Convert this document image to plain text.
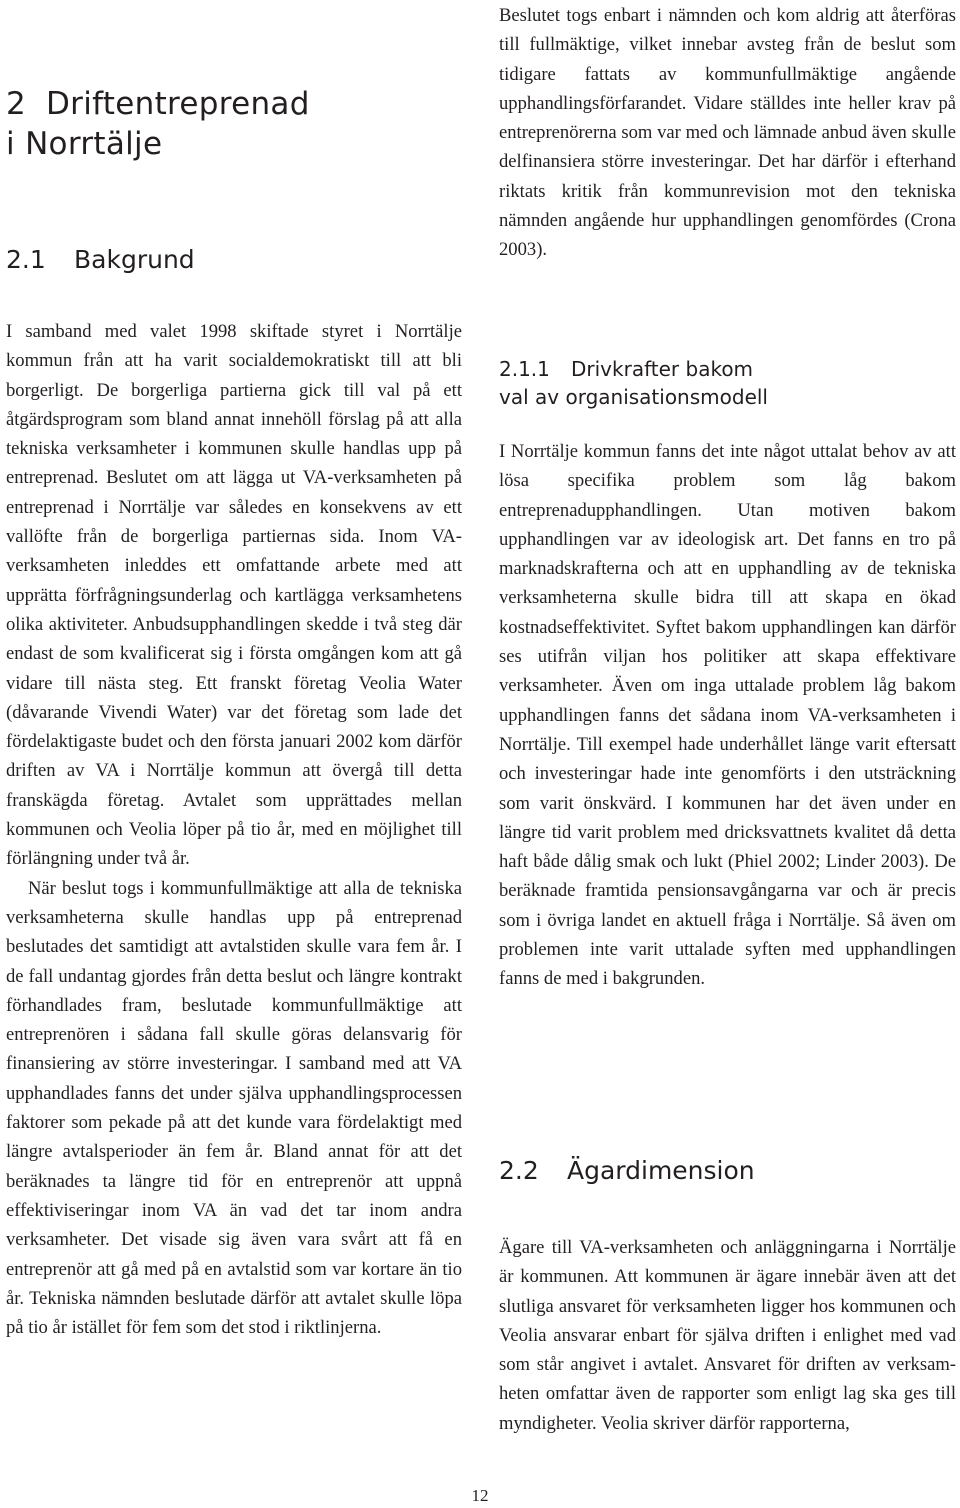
2 Driftentreprenad
i Norrtälje
2.1 Bakgrund

I samband med valet 1998 skiftade styret i Norrtälje kommun från att ha varit socialdemokratiskt till att bli borgerligt. De borgerliga partierna gick till val på ett åtgärdsprogram som bland annat innehöll förslag på att alla tekniska verksamheter i kommunen skulle handlas upp på entreprenad. Beslutet om att lägga ut VA-verksamheten på entreprenad i Norrtälje var således en konsekvens av ett vallöfte från de borgerliga partiernas sida. Inom VA-verksamheten inleddes ett omfattande arbete med att upprätta förfrågningsunderlag och kartlägga verksamhetens olika aktiviteter. Anbudsupphandlingen skedde i två steg där endast de som kvalificerat sig i första omgången kom att gå vidare till nästa steg. Ett franskt företag Veolia Water (dåvarande Vivendi Water) var det företag som lade det fördelaktigaste budet och den första januari 2002 kom därför driften av VA i Norrtälje kommun att övergå till detta franskägda företag. Avtalet som upprättades mellan kommunen och Veolia löper på tio år, med en möjlighet till förlängning under två år.

När beslut togs i kommunfullmäktige att alla de tekniska verksamheterna skulle handlas upp på entreprenad beslutades det samtidigt att avtalstiden skulle vara fem år. I de fall undantag gjordes från detta beslut och längre kontrakt förhandlades fram, beslutade kommunfullmäktige att entreprenören i sådana fall skulle göras delansvarig för finansiering av större investeringar. I samband med att VA upphandlades fanns det under själva upphandlingsprocessen faktorer som pekade på att det kunde vara fördelaktigt med längre avtalsperioder än fem år. Bland annat för att det beräknades ta längre tid för en entreprenör att uppnå effektiviseringar inom VA än vad det tar inom andra verksamheter. Det visade sig även vara svårt att få en entreprenör att gå med på en avtalstid som var kortare än tio år. Tekniska nämnden beslutade därför att avtalet skulle löpa på tio år istället för fem som det stod i riktlinjerna.

Beslutet togs enbart i nämnden och kom aldrig att återföras till fullmäktige, vilket innebar avsteg från de beslut som tidigare fattats av kommunfullmäktige angående upphandlingsförfarandet. Vidare ställdes inte heller krav på entreprenörerna som var med och lämnade anbud även skulle delfinansiera större investeringar. Det har därför i efterhand riktats kritik från kommunrevision mot den tekniska nämnden angående hur upphandlingen genomfördes (Crona 2003).

2.1.1 Drivkrafter bakom
val av organisationsmodell

I Norrtälje kommun fanns det inte något uttalat behov av att lösa specifika problem som låg bakom entreprenadupphandlingen. Utan motiven bakom upphandlingen var av ideologisk art. Det fanns en tro på marknadskrafterna och att en upphandling av de tekniska verksamheterna skulle bidra till att skapa en ökad kostnadseffektivitet. Syftet bakom upphandlingen kan därför ses utifrån viljan hos politiker att skapa effektivare verksamheter. Även om inga uttalade problem låg bakom upphandlingen fanns det sådana inom VA-verksamheten i Norrtälje. Till exempel hade underhållet länge varit eftersatt och investeringar hade inte genomförts i den utsträckning som varit önskvärd. I kommunen har det även under en längre tid varit problem med dricksvattnets kvalitet då detta haft både dålig smak och lukt (Phiel 2002; Linder 2003). De beräknade framtida pensionsavgångarna var och är precis som i övriga landet en aktuell fråga i Norrtälje. Så även om problemen inte varit uttalade syften med upphandlingen fanns de med i bakgrunden.

2.2 Ägardimension

Ägare till VA-verksamheten och anläggningarna i Norrtälje är kommunen. Att kommunen är ägare innebär även att det slutliga ansvaret för verksamheten ligger hos kommunen och Veolia ansvarar enbart för själva driften i enlighet med vad som står angivet i avtalet. Ansvaret för driften av verksamheten omfattar även de rapporter som enligt lag ska ges till myndigheter. Veolia skriver därför rapporterna,

12
